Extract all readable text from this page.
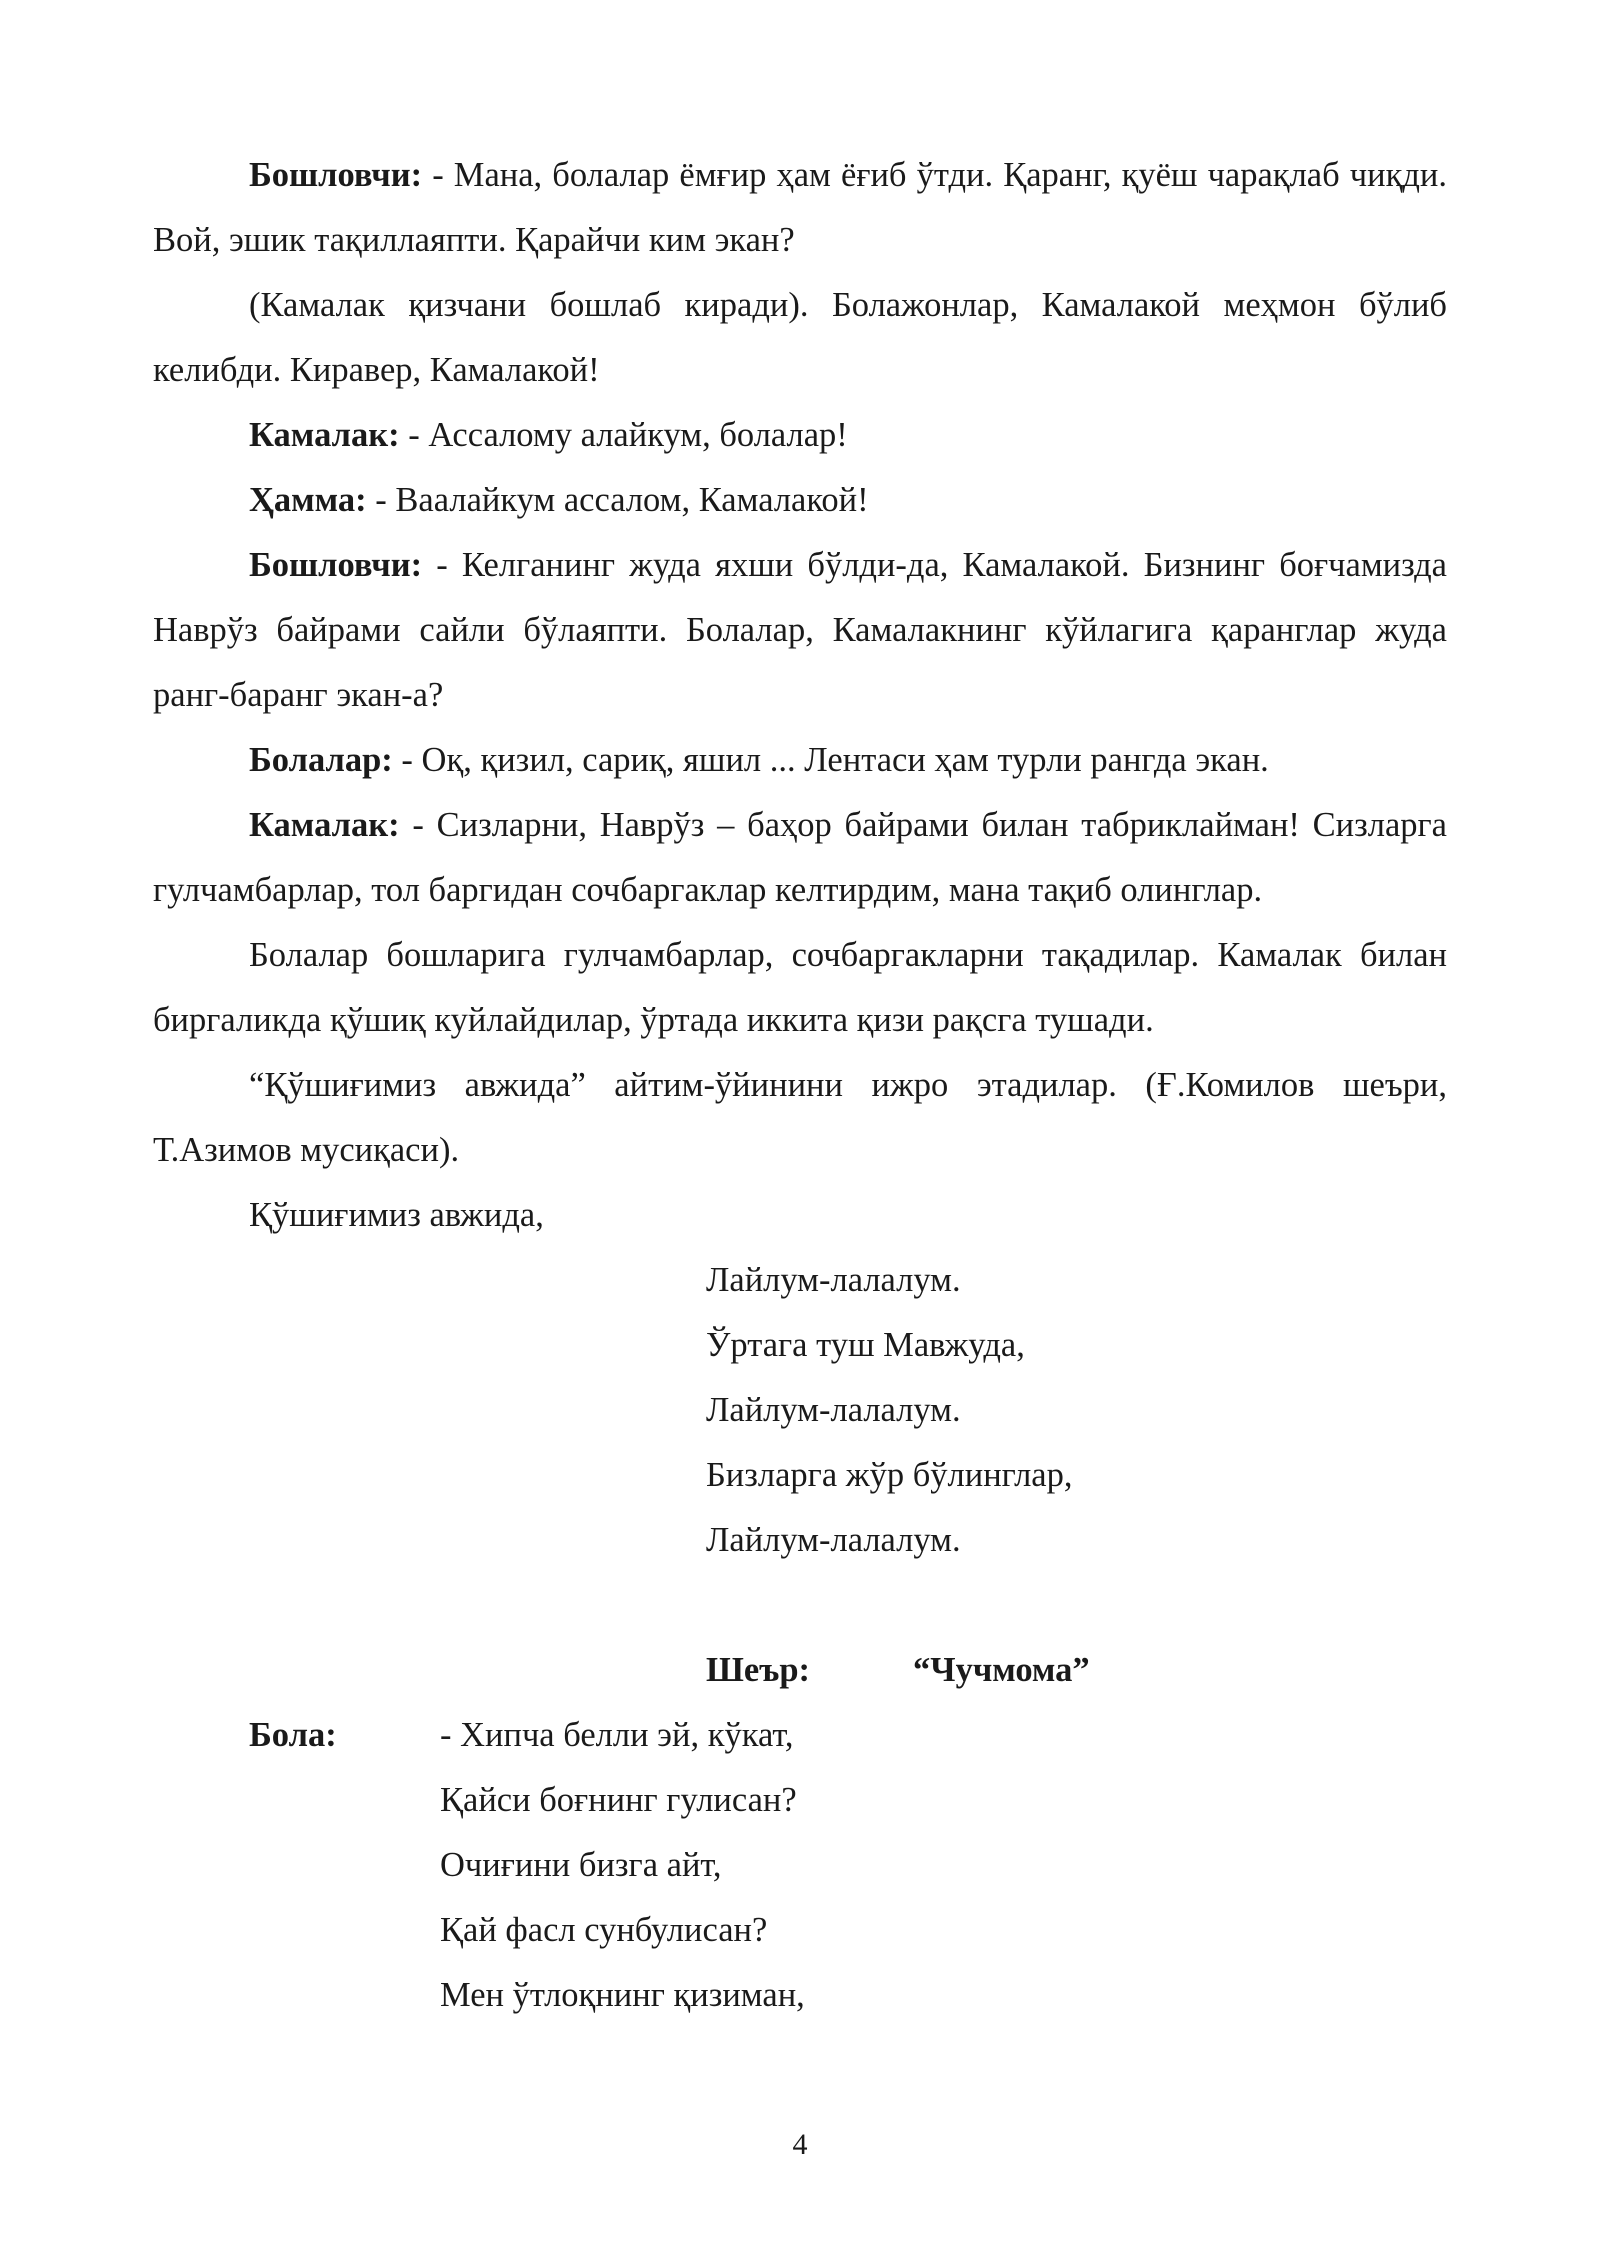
Бошловчи: - Мана, болалар ёмғир ҳам ёғиб ўтди. Қаранг, қуёш чарақлаб чиқди. Вой, эшик тақиллаяпти. Қарайчи ким экан?

(Камалак қизчани бошлаб киради). Болажонлар, Камалакой меҳмон бўлиб келибди. Киравер, Камалакой!

Камалак: - Ассалому алайкум, болалар!

Ҳамма: - Ваалайкум ассалом, Камалакой!

Бошловчи: - Келганинг жуда яхши бўлди-да, Камалакой. Бизнинг боғчамизда Наврўз байрами сайли бўлаяпти. Болалар, Камалакнинг кўйлагига қаранглар жуда ранг-баранг экан-а?

Болалар: - Оқ, қизил, сариқ, яшил ... Лентаси ҳам турли рангда экан.

Камалак: - Сизларни, Наврўз – баҳор байрами билан табриклайман! Сизларга гулчамбарлар, тол баргидан сочбаргаклар келтирдим, мана тақиб олинглар.

Болалар бошларига гулчамбарлар, сочбаргакларни тақадилар. Камалак билан биргаликда қўшиқ куйлайдилар, ўртада иккита қизи рақсга тушади.

“Қўшиғимиз авжида” айтим-ўйинини ижро этадилар. (Ғ.Комилов шеъри, Т.Азимов мусиқаси).

Қўшиғимиз авжида,

Лайлум-лалалум.

Ўртага туш Мавжуда,

Лайлум-лалалум.

Бизларга жўр бўлинглар,

Лайлум-лалалум.

Шеър:	“Чучмома”
Бола:	- Хипча белли эй, кўкат,

Қайси боғнинг гулисан?

Очиғини бизга айт,

Қай фасл сунбулисан?

Мен ўтлоқнинг қизиман,

4
